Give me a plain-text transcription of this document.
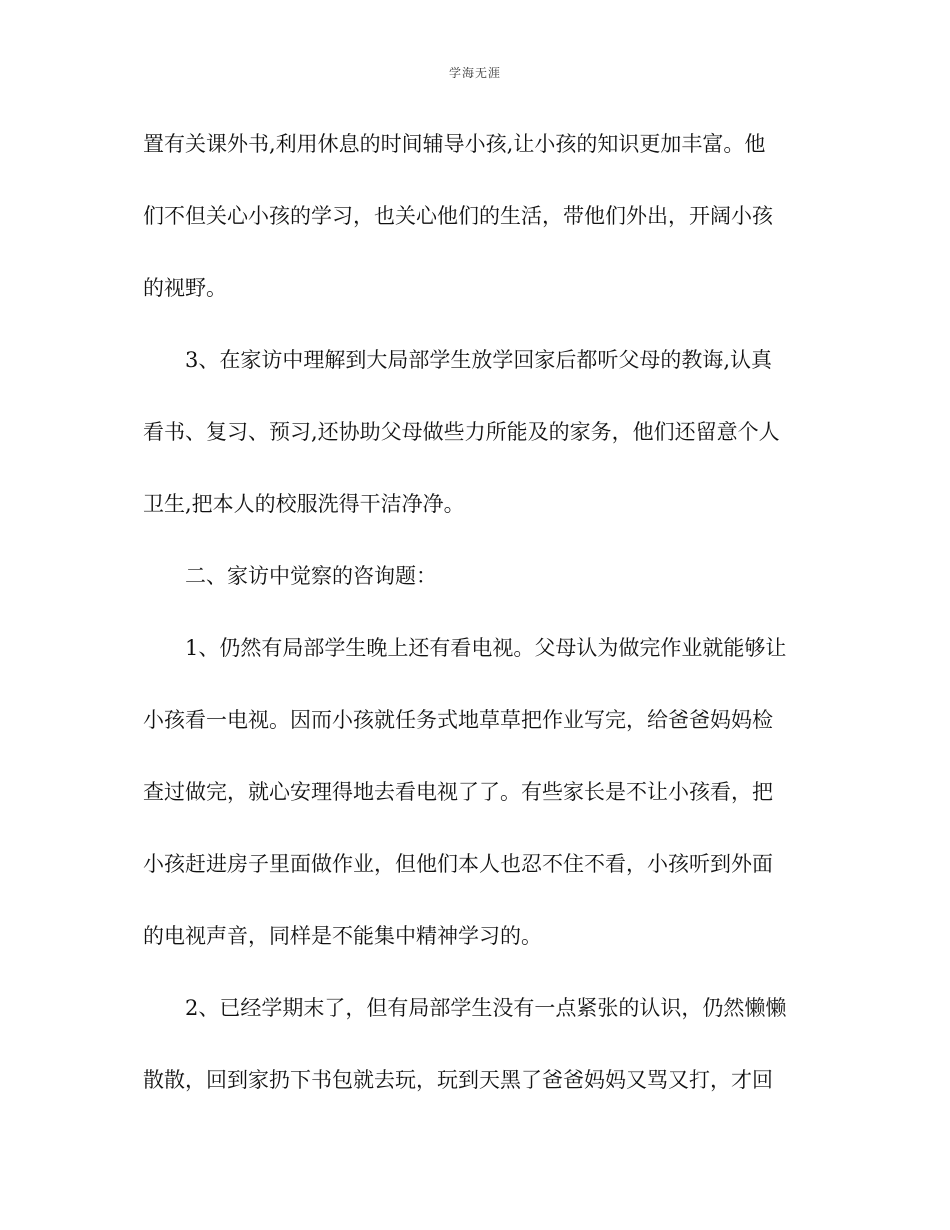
学海无涯
置有关课外书,利用休息的时间辅导小孩,让小孩的知识更加丰富。他
们不但关心小孩的学习，也关心他们的生活，带他们外出，开阔小孩
的视野。
3、在家访中理解到大局部学生放学回家后都听父母的教诲,认真
看书、复习、预习,还协助父母做些力所能及的家务，他们还留意个人
卫生,把本人的校服洗得干洁净净。
二、家访中觉察的咨询题：
1、仍然有局部学生晚上还有看电视。父母认为做完作业就能够让
小孩看一电视。因而小孩就任务式地草草把作业写完，给爸爸妈妈检
查过做完，就心安理得地去看电视了了。有些家长是不让小孩看，把
小孩赶进房子里面做作业，但他们本人也忍不住不看，小孩听到外面
的电视声音，同样是不能集中精神学习的。
2、已经学期末了，但有局部学生没有一点紧张的认识，仍然懒懒
散散，回到家扔下书包就去玩，玩到天黑了爸爸妈妈又骂又打，才回
